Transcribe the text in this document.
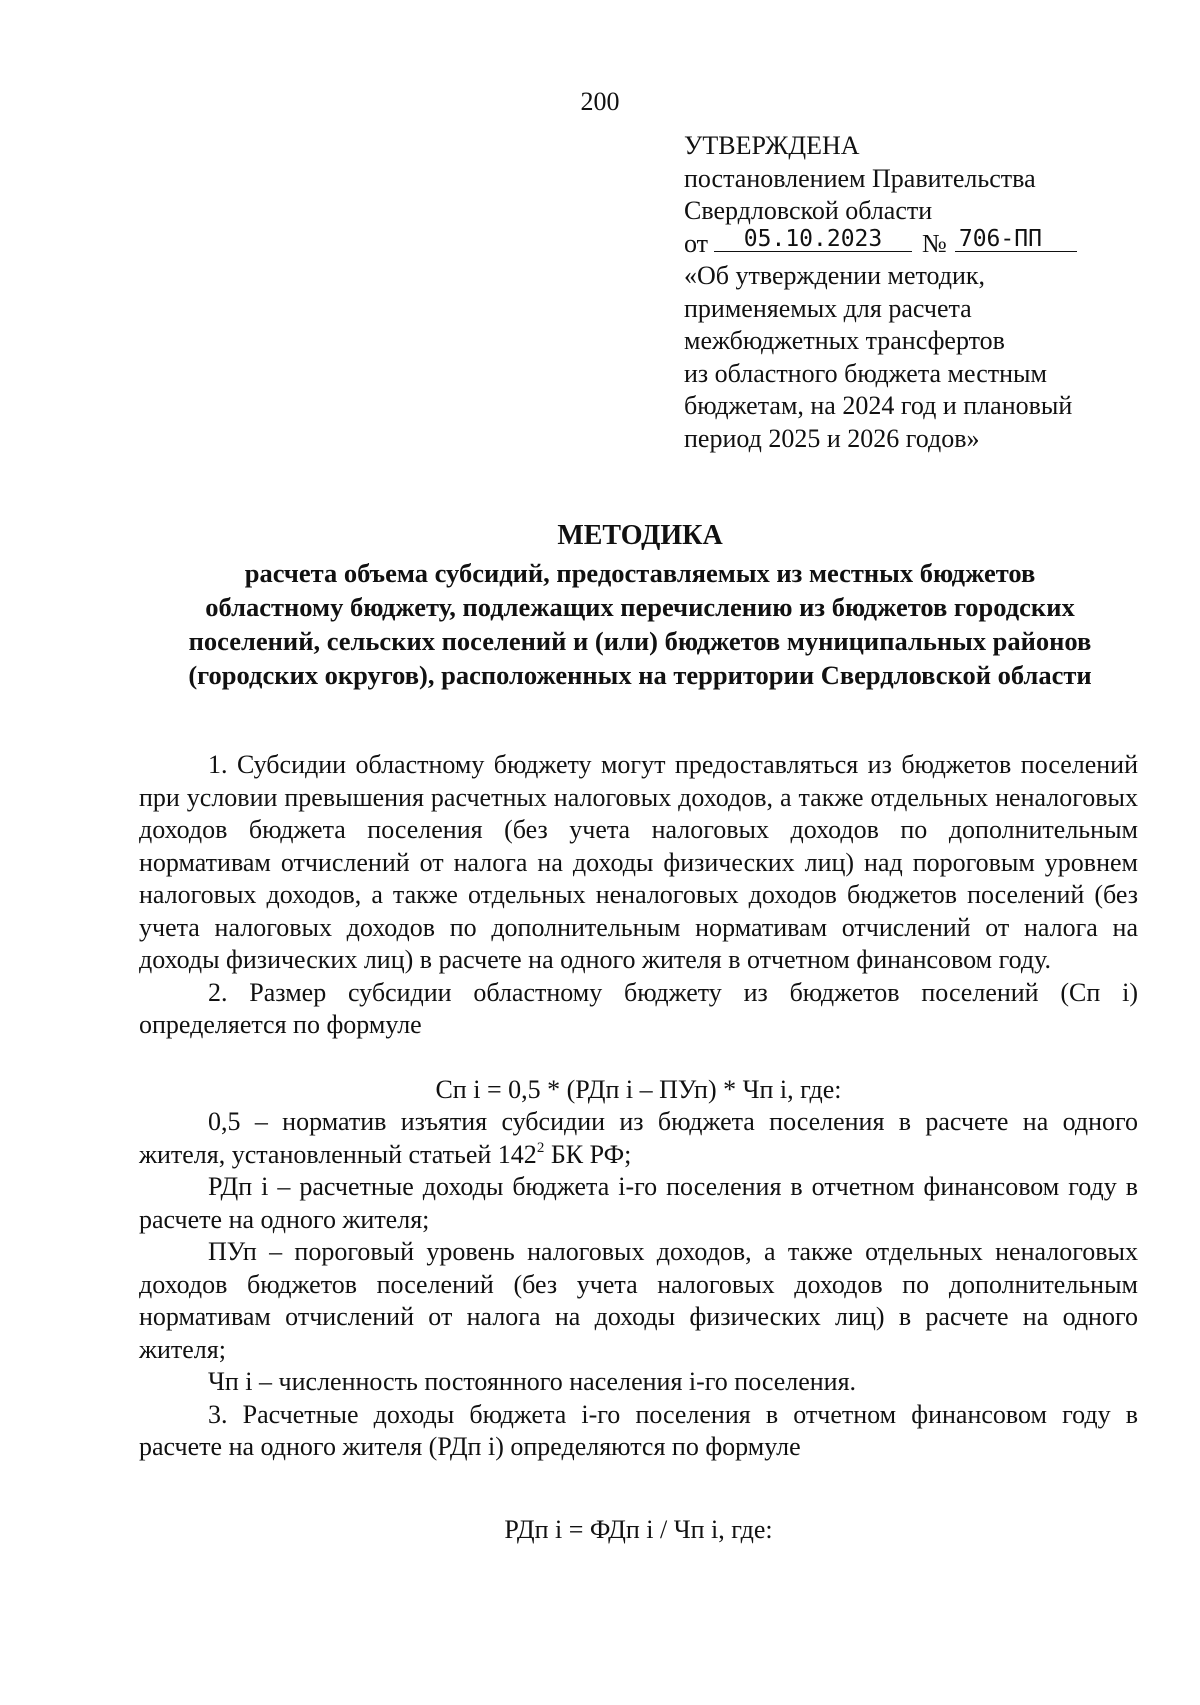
200
УТВЕРЖДЕНА
постановлением Правительства
Свердловской области
от 05.10.2023 № 706-ПП
«Об утверждении методик,
применяемых для расчета
межбюджетных трансфертов
из областного бюджета местным
бюджетам, на 2024 год и плановый
период 2025 и 2026 годов»
МЕТОДИКА
расчета объема субсидий, предоставляемых из местных бюджетов
областному бюджету, подлежащих перечислению из бюджетов городских
поселений, сельских поселений и (или) бюджетов муниципальных районов
(городских округов), расположенных на территории Свердловской области

1. Субсидии областному бюджету могут предоставляться из бюджетов поселений при условии превышения расчетных налоговых доходов, а также отдельных неналоговых доходов бюджета поселения (без учета налоговых доходов по дополнительным нормативам отчислений от налога на доходы физических лиц) над пороговым уровнем налоговых доходов, а также отдельных неналоговых доходов бюджетов поселений (без учета налоговых доходов по дополнительным нормативам отчислений от налога на доходы физических лиц) в расчете на одного жителя в отчетном финансовом году.

2. Размер субсидии областному бюджету из бюджетов поселений (Сп i) определяется по формуле

Сп i = 0,5 * (РДп i – ПУп) * Чп i, где:

0,5 – норматив изъятия субсидии из бюджета поселения в расчете на одного жителя, установленный статьей $142^2$ БК РФ;

РДп i – расчетные доходы бюджета i-го поселения в отчетном финансовом году в расчете на одного жителя;

ПУп – пороговый уровень налоговых доходов, а также отдельных неналоговых доходов бюджетов поселений (без учета налоговых доходов по дополнительным нормативам отчислений от налога на доходы физических лиц) в расчете на одного жителя;

Чп i – численность постоянного населения i-го поселения.

3. Расчетные доходы бюджета i-го поселения в отчетном финансовом году в расчете на одного жителя (РДп i) определяются по формуле

РДп i = ФДп i / Чп i, где:
